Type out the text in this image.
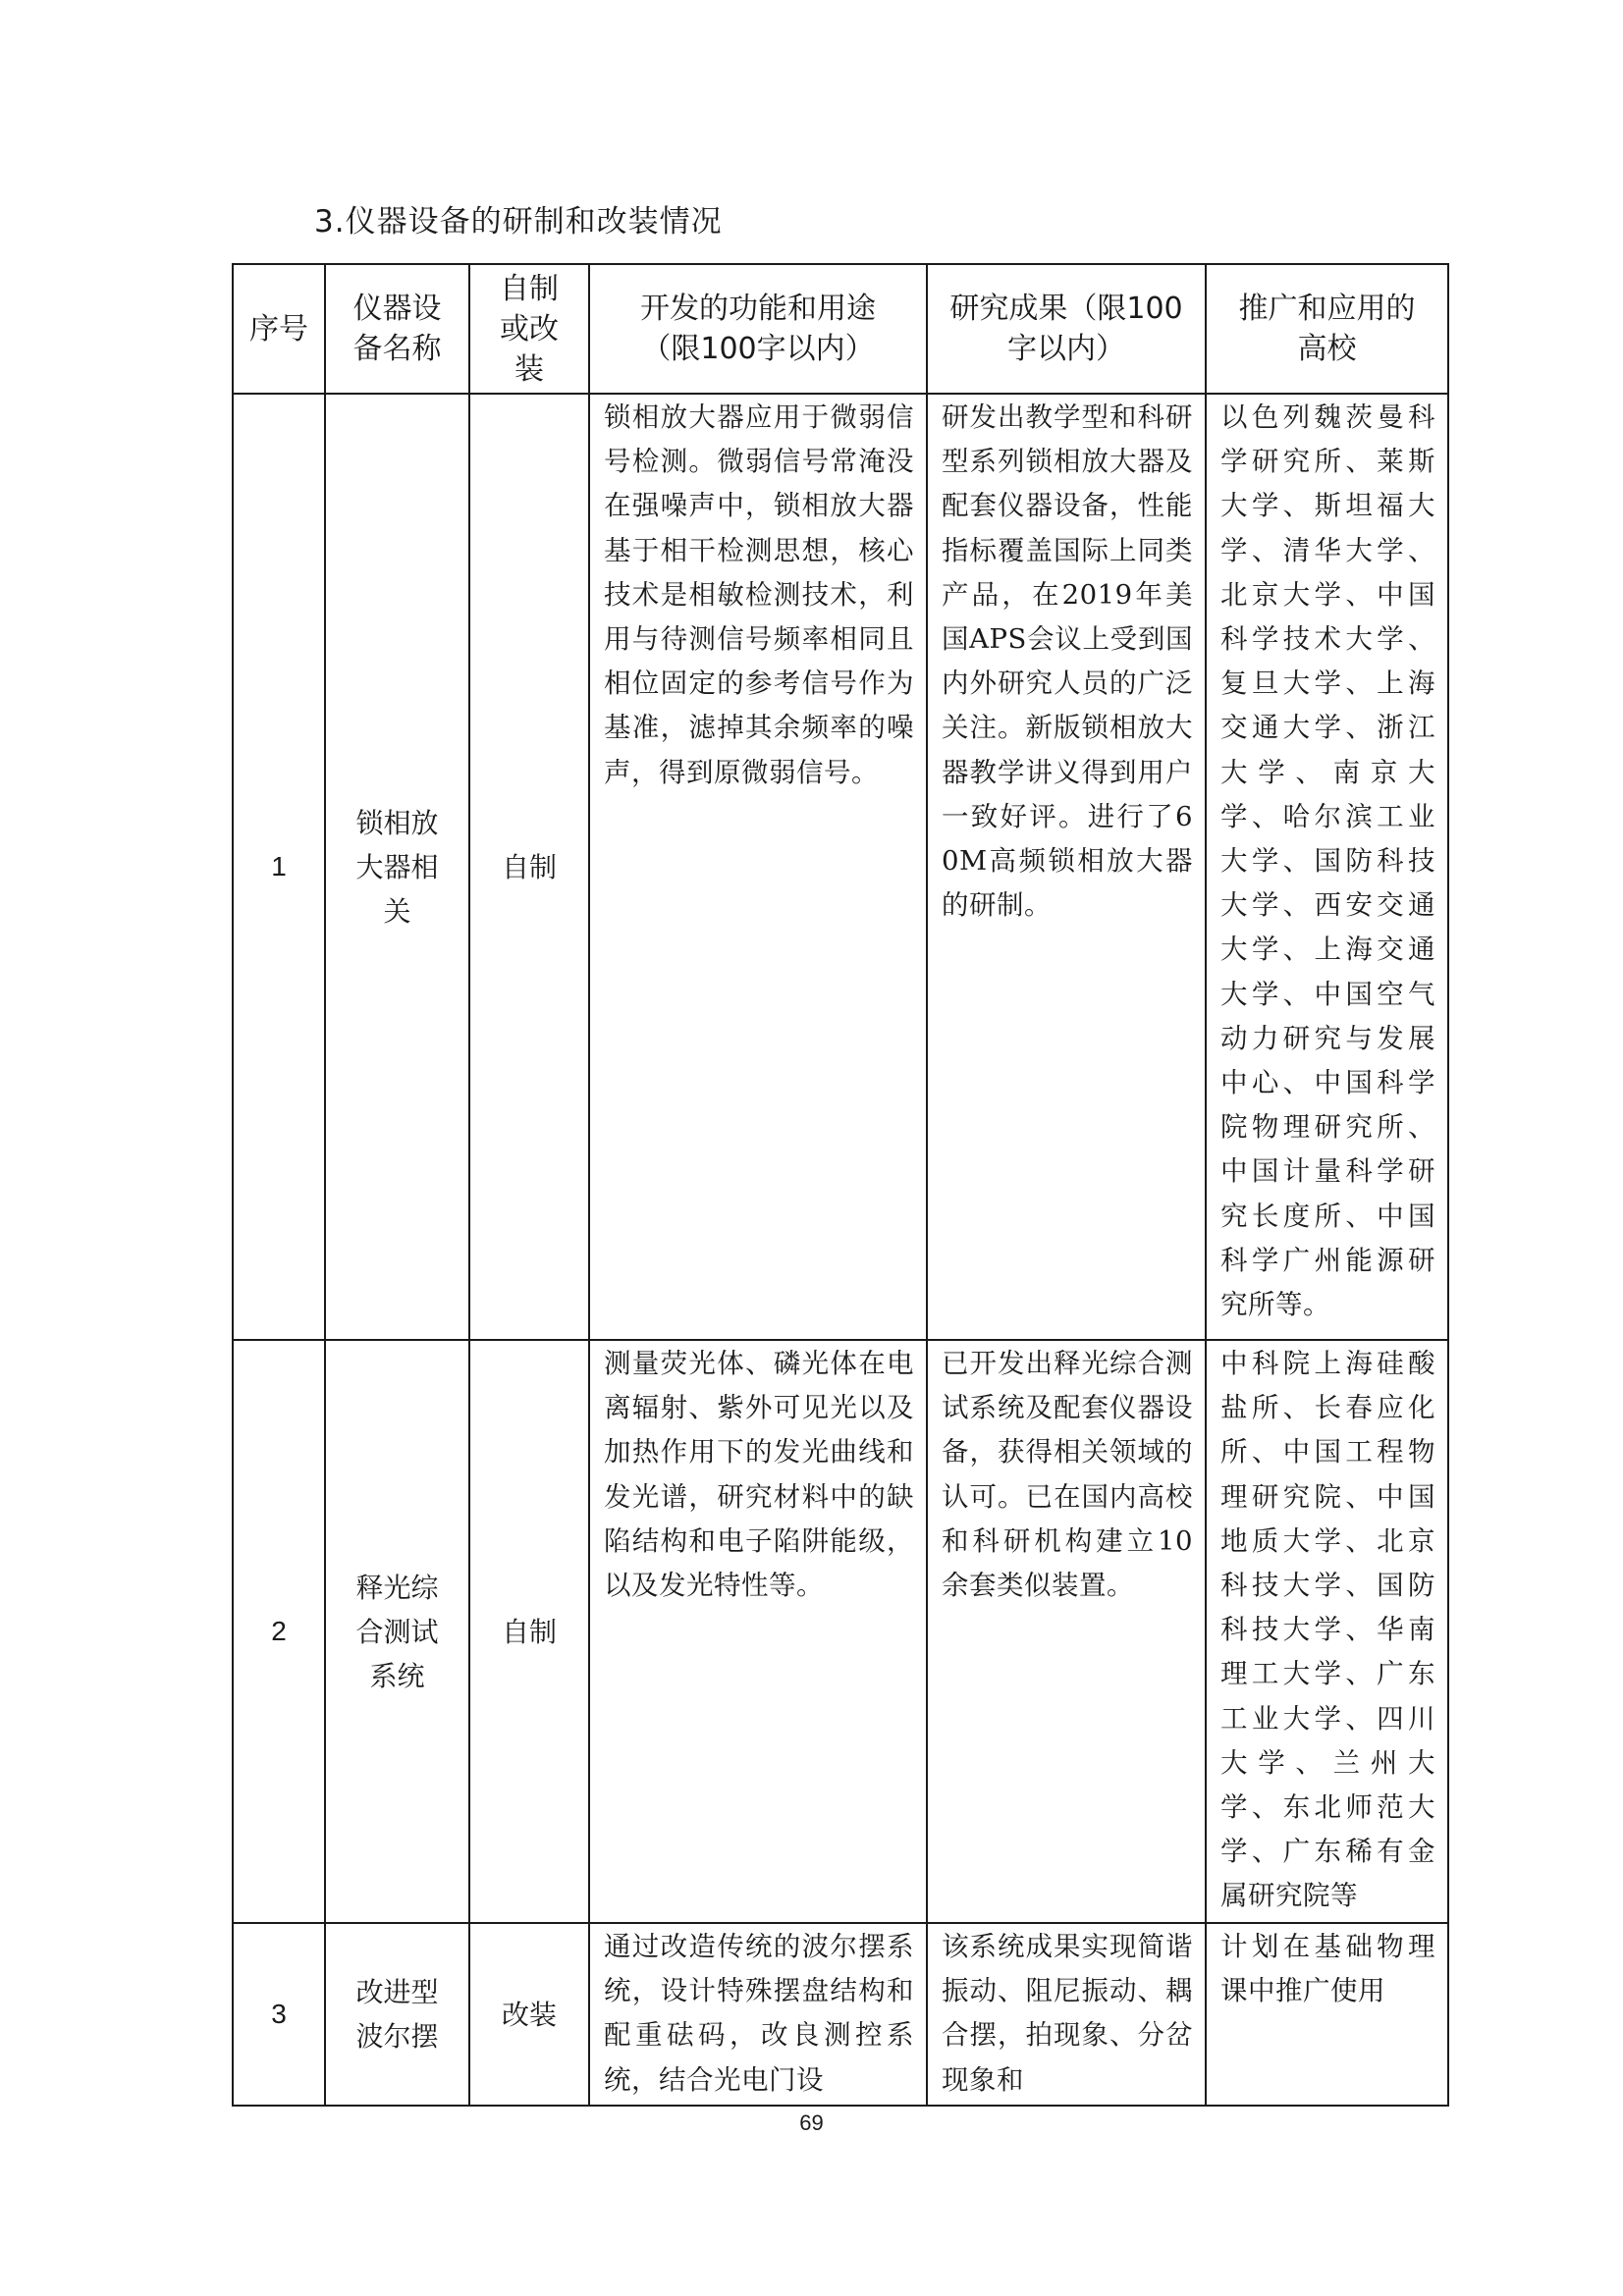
3.仪器设备的研制和改装情况
序号	仪器设备名称	自制或改装	开发的功能和用途（限100字以内）	研究成果（限100字以内）	推广和应用的高校
1	锁相放大器相关	自制	锁相放大器应用于微弱信号检测。微弱信号常淹没在强噪声中，锁相放大器基于相干检测思想，核心技术是相敏检测技术，利用与待测信号频率相同且相位固定的参考信号作为基准，滤掉其余频率的噪声，得到原微弱信号。	研发出教学型和科研型系列锁相放大器及配套仪器设备，性能指标覆盖国际上同类产品，在2019年美国APS会议上受到国内外研究人员的广泛关注。新版锁相放大器教学讲义得到用户一致好评。进行了60M高频锁相放大器的研制。	以色列魏茨曼科学研究所、莱斯大学、斯坦福大学、清华大学、北京大学、中国科学技术大学、复旦大学、上海交通大学、浙江大学、南京大学、哈尔滨工业大学、国防科技大学、西安交通大学、上海交通大学、中国空气动力研究与发展中心、中国科学院物理研究所、中国计量科学研究长度所、中国科学广州能源研究所等。

2	释光综合测试系统	自制	测量荧光体、磷光体在电离辐射、紫外可见光以及加热作用下的发光曲线和发光谱，研究材料中的缺陷结构和电子陷阱能级，以及发光特性等。	已开发出释光综合测试系统及配套仪器设备，获得相关领域的认可。已在国内高校和科研机构建立10余套类似装置。	中科院上海硅酸盐所、长春应化所、中国工程物理研究院、中国地质大学、北京科技大学、国防科技大学、华南理工大学、广东工业大学、四川大学、兰州大学、东北师范大学、广东稀有金属研究院等

3	改进型波尔摆	改装	通过改造传统的波尔摆系统，设计特殊摆盘结构和配重砝码，改良测控系统，结合光电门设	该系统成果实现简谐振动、阻尼振动、耦合摆，拍现象、分岔现象和	计划在基础物理课中推广使用
69
